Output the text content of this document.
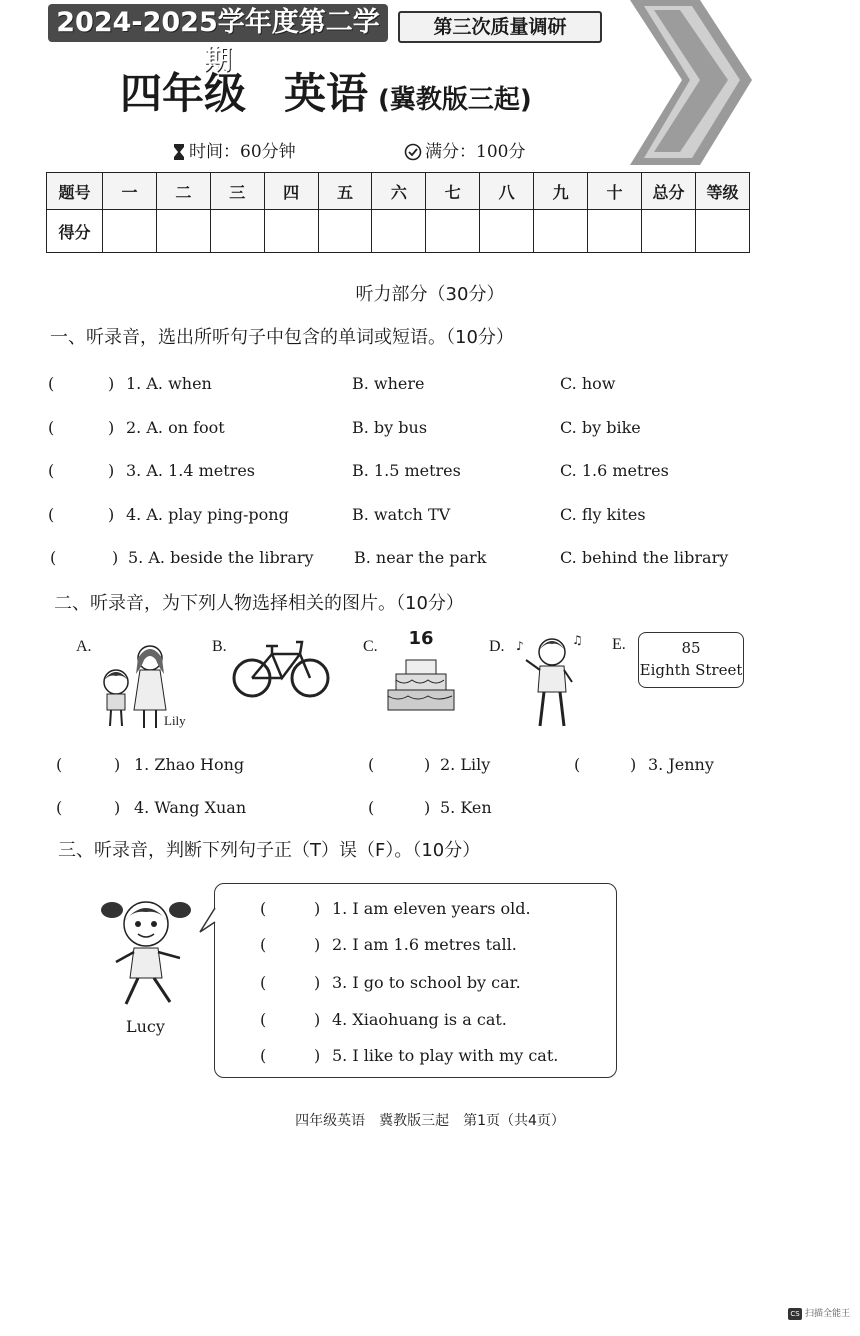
2024-2025学年度第二学期
第三次质量调研
四年级 英语 (冀教版三起)
时间：60分钟	满分：100分
题号	一	二	三	四	五	六	七	八	九	十	总分	等级
得分												
听力部分（30分）
一、听录音，选出所听句子中包含的单词或短语。（10分）
(	) 1. A. when	B. where	C. how
(	) 2. A. on foot	B. by bus	C. by bike
(	) 3. A. 1.4 metres	B. 1.5 metres	C. 1.6 metres
(	) 4. A. play ping-pong	B. watch TV	C. fly kites
(	) 5. A. beside the library	B. near the park	C. behind the library
二、听录音，为下列人物选择相关的图片。（10分）
A.
Lily
B.	C.	16	D. ♪	♫ E.	85
Eighth Street
(	) 1. Zhao Hong	(	) 2. Lily	(	) 3. Jenny
(	) 4. Wang Xuan	(	) 5. Ken
三、听录音，判断下列句子正（T）误（F）。（10分）
Lucy
(	) 1. I am eleven years old.
(	) 2. I am 1.6 metres tall.
(	) 3. I go to school by car.
(	) 4. Xiaohuang is a cat.
(	) 5. I like to play with my cat.
四年级英语　冀教版三起　第1页（共4页）
CS 扫描全能王
